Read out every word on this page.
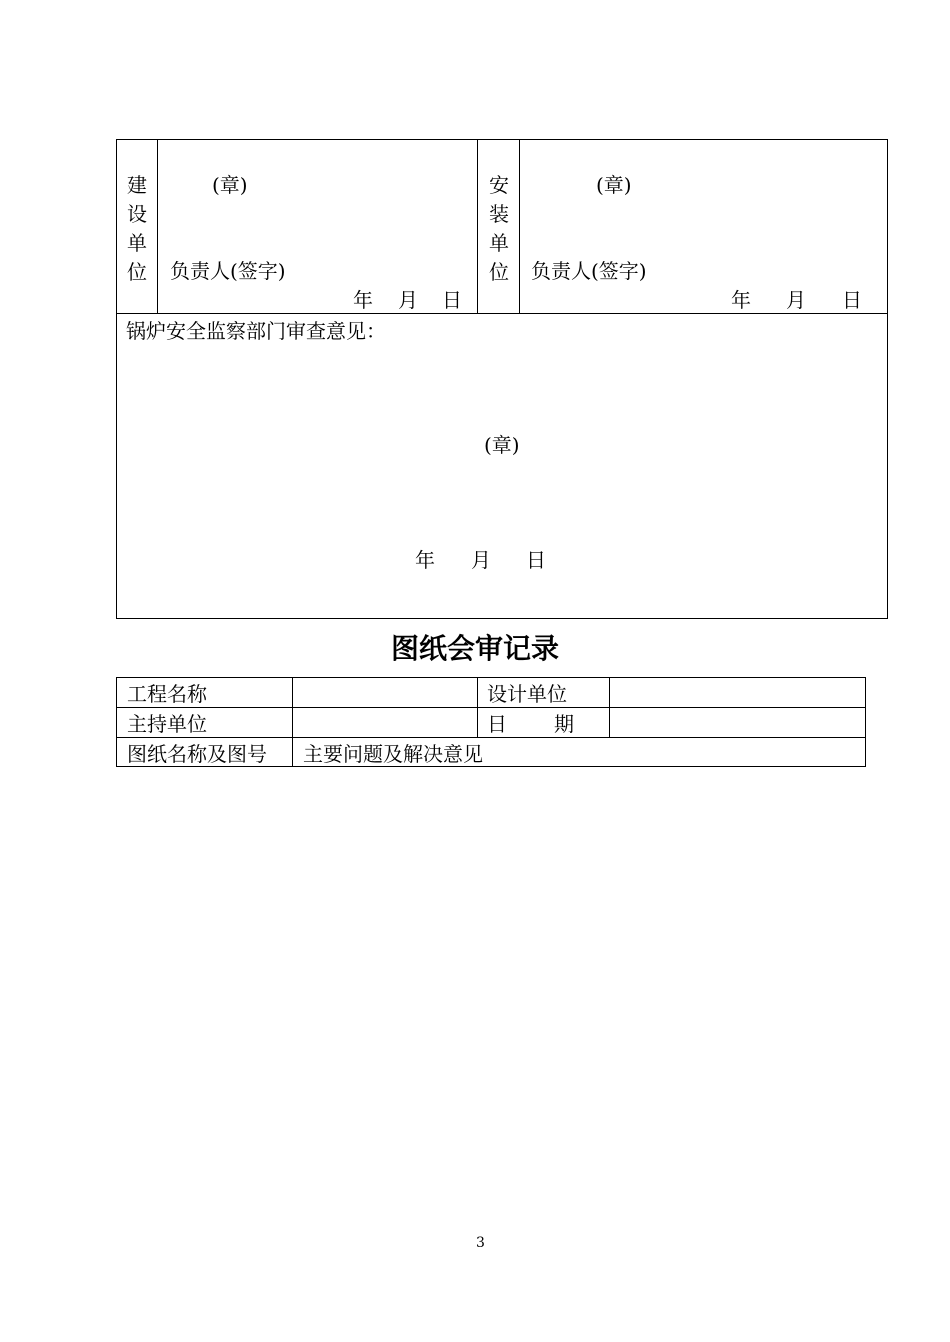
建
设
单
位
(章)
负责人(签字)
年 月 日
安
装
单
位
(章)
负责人(签字)
年 月 日
锅炉安全监察部门审查意见：
(章)
年 月 日
图纸会审记录
工程名称	设计单位
主持单位	日 期
图纸名称及图号 主要问题及解决意见
3
